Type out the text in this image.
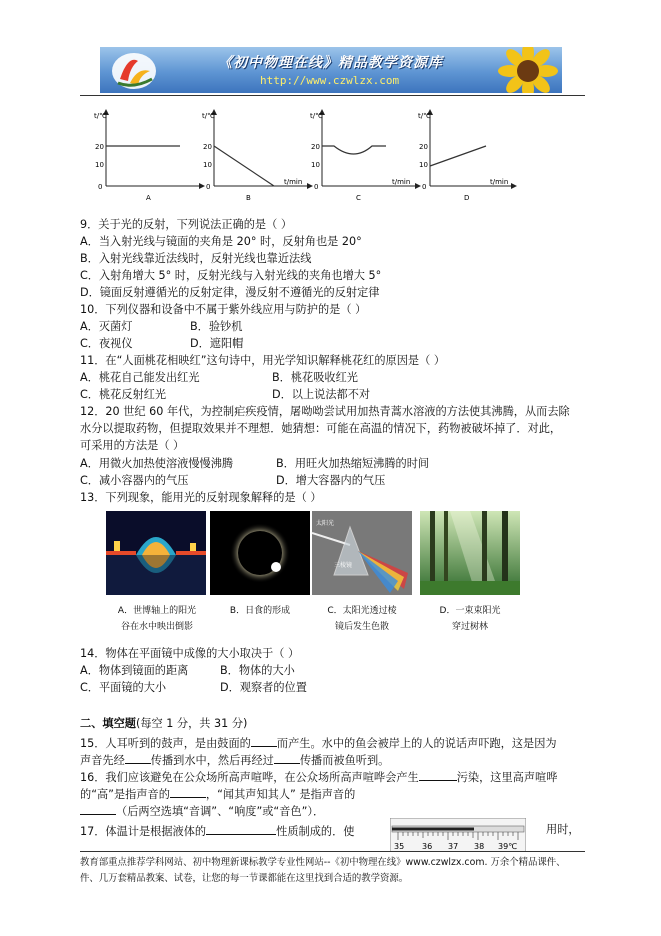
《初中物理在线》精品教学资源库
http://www.czwlzx.com
t/℃
20
10
0
A
t/℃
20
10
0
t/min
B
t/℃
20
10
0
t/min
C
t/℃
20
10
0
t/min
D
9．关于光的反射，下列说法正确的是（ ）
A．当入射光线与镜面的夹角是 20° 时，反射角也是 20°
B．入射光线靠近法线时，反射光线也靠近法线
C．入射角增大 5° 时，反射光线与入射光线的夹角也增大 5°
D．镜面反射遵循光的反射定律，漫反射不遵循光的反射定律
10．下列仪器和设备中不属于紫外线应用与防护的是（ ）
A．灭菌灯	B．验钞机
C．夜视仪	D．遮阳帽
11．在“人面桃花相映红”这句诗中，用光学知识解释桃花红的原因是（ ）
A．桃花自己能发出红光	B．桃花吸收红光
C．桃花反射红光	D．以上说法都不对
12．20 世纪 60 年代，为控制疟疾疫情，屠呦呦尝试用加热青蒿水溶液的方法使其沸腾，从而去除
水分以提取药物，但提取效果并不理想．她猜想：可能在高温的情况下，药物被破坏掉了．对此，
可采用的方法是（ ）
A．用微火加热使溶液慢慢沸腾	B．用旺火加热缩短沸腾的时间
C．减小容器内的气压	D．增大容器内的气压
13．下列现象，能用光的反射现象解释的是（ ）
太阳光
三棱镜
A．世博轴上的阳光
谷在水中映出倒影
B．日食的形成	C．太阳光透过棱
镜后发生色散
D．一束束阳光
穿过树林
14．物体在平面镜中成像的大小取决于（ ）
A．物体到镜面的距离	B．物体的大小
C．平面镜的大小	D．观察者的位置
二、填空题(每空 1 分，共 31 分)
15．人耳听到的鼓声，是由鼓面的 而产生。水中的鱼会被岸上的人的说话声吓跑，这是因为
声音先经 传播到水中，然后再经过 传播而被鱼听到。
16．我们应该避免在公众场所高声喧哗，在公众场所高声喧哗会产生	污染，这里高声喧哗
的“高”是指声音的	，“闻其声知其人” 是指声音的
（后两空选填“音调”、“响度”或“音色”）．
17．体温计是根据液体的	性质制成的．使
35 36 37 38 39℃
用时，
教育部重点推荐学科网站、初中物理新课标教学专业性网站--《初中物理在线》www.czwlzx.com. 万余个精品课件、
件、几万套精品教案、试卷，让您的每一节课都能在这里找到合适的教学资源。
